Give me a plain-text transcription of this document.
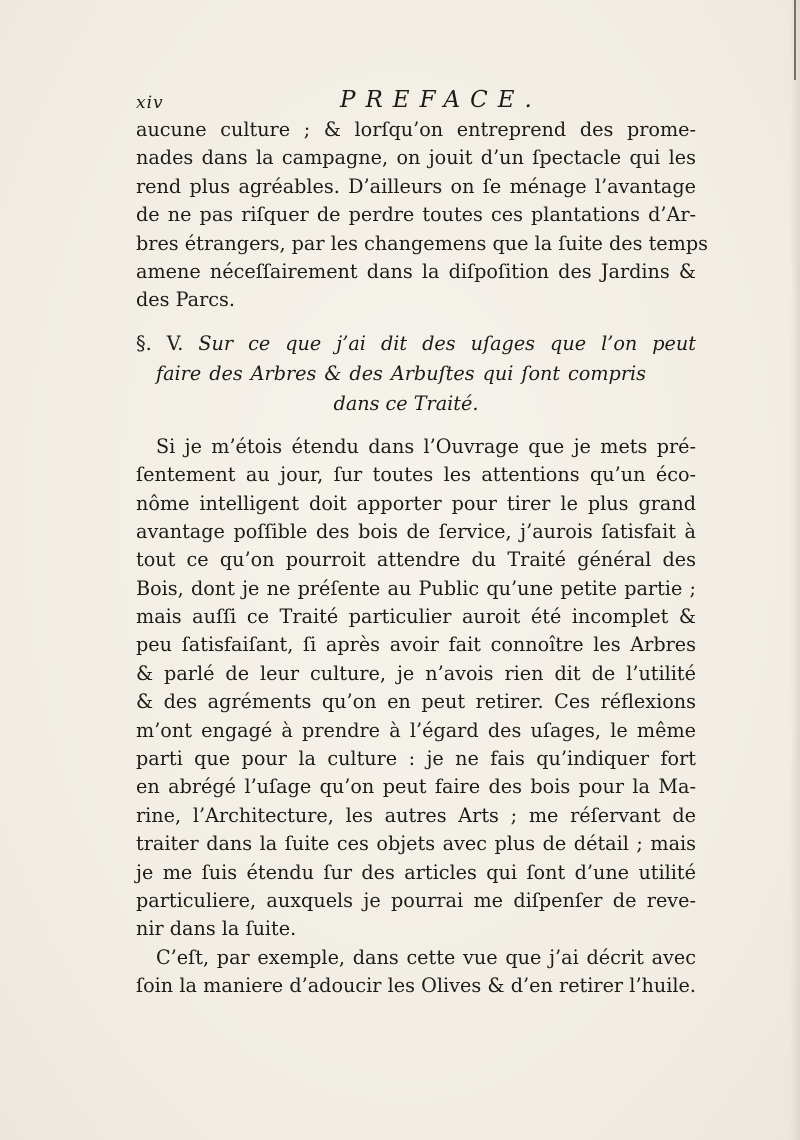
xiv	PREFACE.
aucune culture ; & lorſqu’on entreprend des prome-
nades dans la campagne, on jouit d’un ſpectacle qui les
rend plus agréables. D’ailleurs on ſe ménage l’avantage
de ne pas riſquer de perdre toutes ces plantations d’Ar-
bres étrangers, par les changemens que la ſuite des temps
amene néceſſairement dans la diſpoſition des Jardins &
des Parcs.
§. V. Sur ce que j’ai dit des uſages que l’on peut
faire des Arbres & des Arbuſtes qui ſont compris
dans ce Traité.
Si je m’étois étendu dans l’Ouvrage que je mets pré-
ſentement au jour, ſur toutes les attentions qu’un éco-
nôme intelligent doit apporter pour tirer le plus grand
avantage poſſible des bois de ſervice, j’aurois ſatisfait à
tout ce qu’on pourroit attendre du Traité général des
Bois, dont je ne préſente au Public qu’une petite partie ;
mais auſſi ce Traité particulier auroit été incomplet &
peu ſatisfaiſant, ſi après avoir fait connoître les Arbres
& parlé de leur culture, je n’avois rien dit de l’utilité
& des agréments qu’on en peut retirer. Ces réflexions
m’ont engagé à prendre à l’égard des uſages, le même
parti que pour la culture : je ne fais qu’indiquer fort
en abrégé l’uſage qu’on peut faire des bois pour la Ma-
rine, l’Architecture, les autres Arts ; me réſervant de
traiter dans la ſuite ces objets avec plus de détail ; mais
je me ſuis étendu ſur des articles qui ſont d’une utilité
particuliere, auxquels je pourrai me diſpenſer de reve-
nir dans la ſuite.
C’eſt, par exemple, dans cette vue que j’ai décrit avec
ſoin la maniere d’adoucir les Olives & d’en retirer l’huile.
